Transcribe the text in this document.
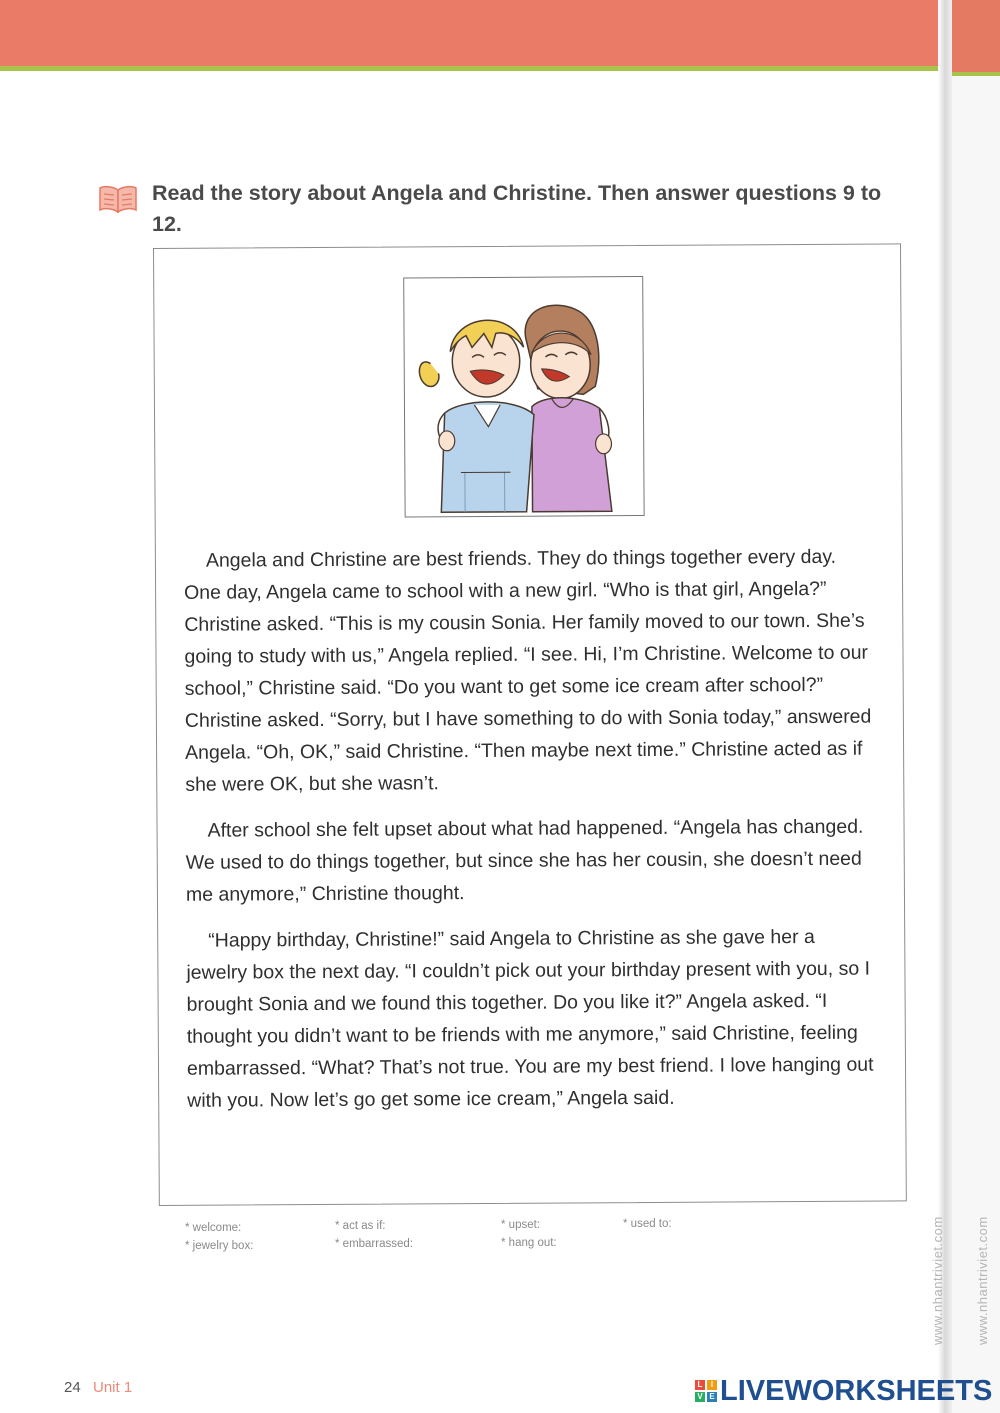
www.nhantriviet.com www.nhantriviet.com
Read the story about Angela and Christine. Then answer questions 9 to 12.

Angela and Christine are best friends. They do things together every day. One day, Angela came to school with a new girl. “Who is that girl, Angela?” Christine asked. “This is my cousin Sonia. Her family moved to our town. She’s going to study with us,” Angela replied. “I see. Hi, I’m Christine. Welcome to our school,” Christine said. “Do you want to get some ice cream after school?” Christine asked. “Sorry, but I have something to do with Sonia today,” answered Angela. “Oh, OK,” said Christine. “Then maybe next time.” Christine acted as if she were OK, but she wasn’t.

After school she felt upset about what had happened. “Angela has changed. We used to do things together, but since she has her cousin, she doesn’t need me anymore,” Christine thought.

“Happy birthday, Christine!” said Angela to Christine as she gave her a jewelry box the next day. “I couldn’t pick out your birthday present with you, so I brought Sonia and we found this together. Do you like it?” Angela asked. “I thought you didn’t want to be friends with me anymore,” said Christine, feeling embarrassed. “What? That’s not true. You are my best friend. I love hanging out with you. Now let’s go get some ice cream,” Angela said.

* welcome:	* act as if:	* upset:	* used to:
* jewelry box:	* embarrassed:	* hang out:
24 Unit 1	L	I
V E LIVEWORKSHEETS
